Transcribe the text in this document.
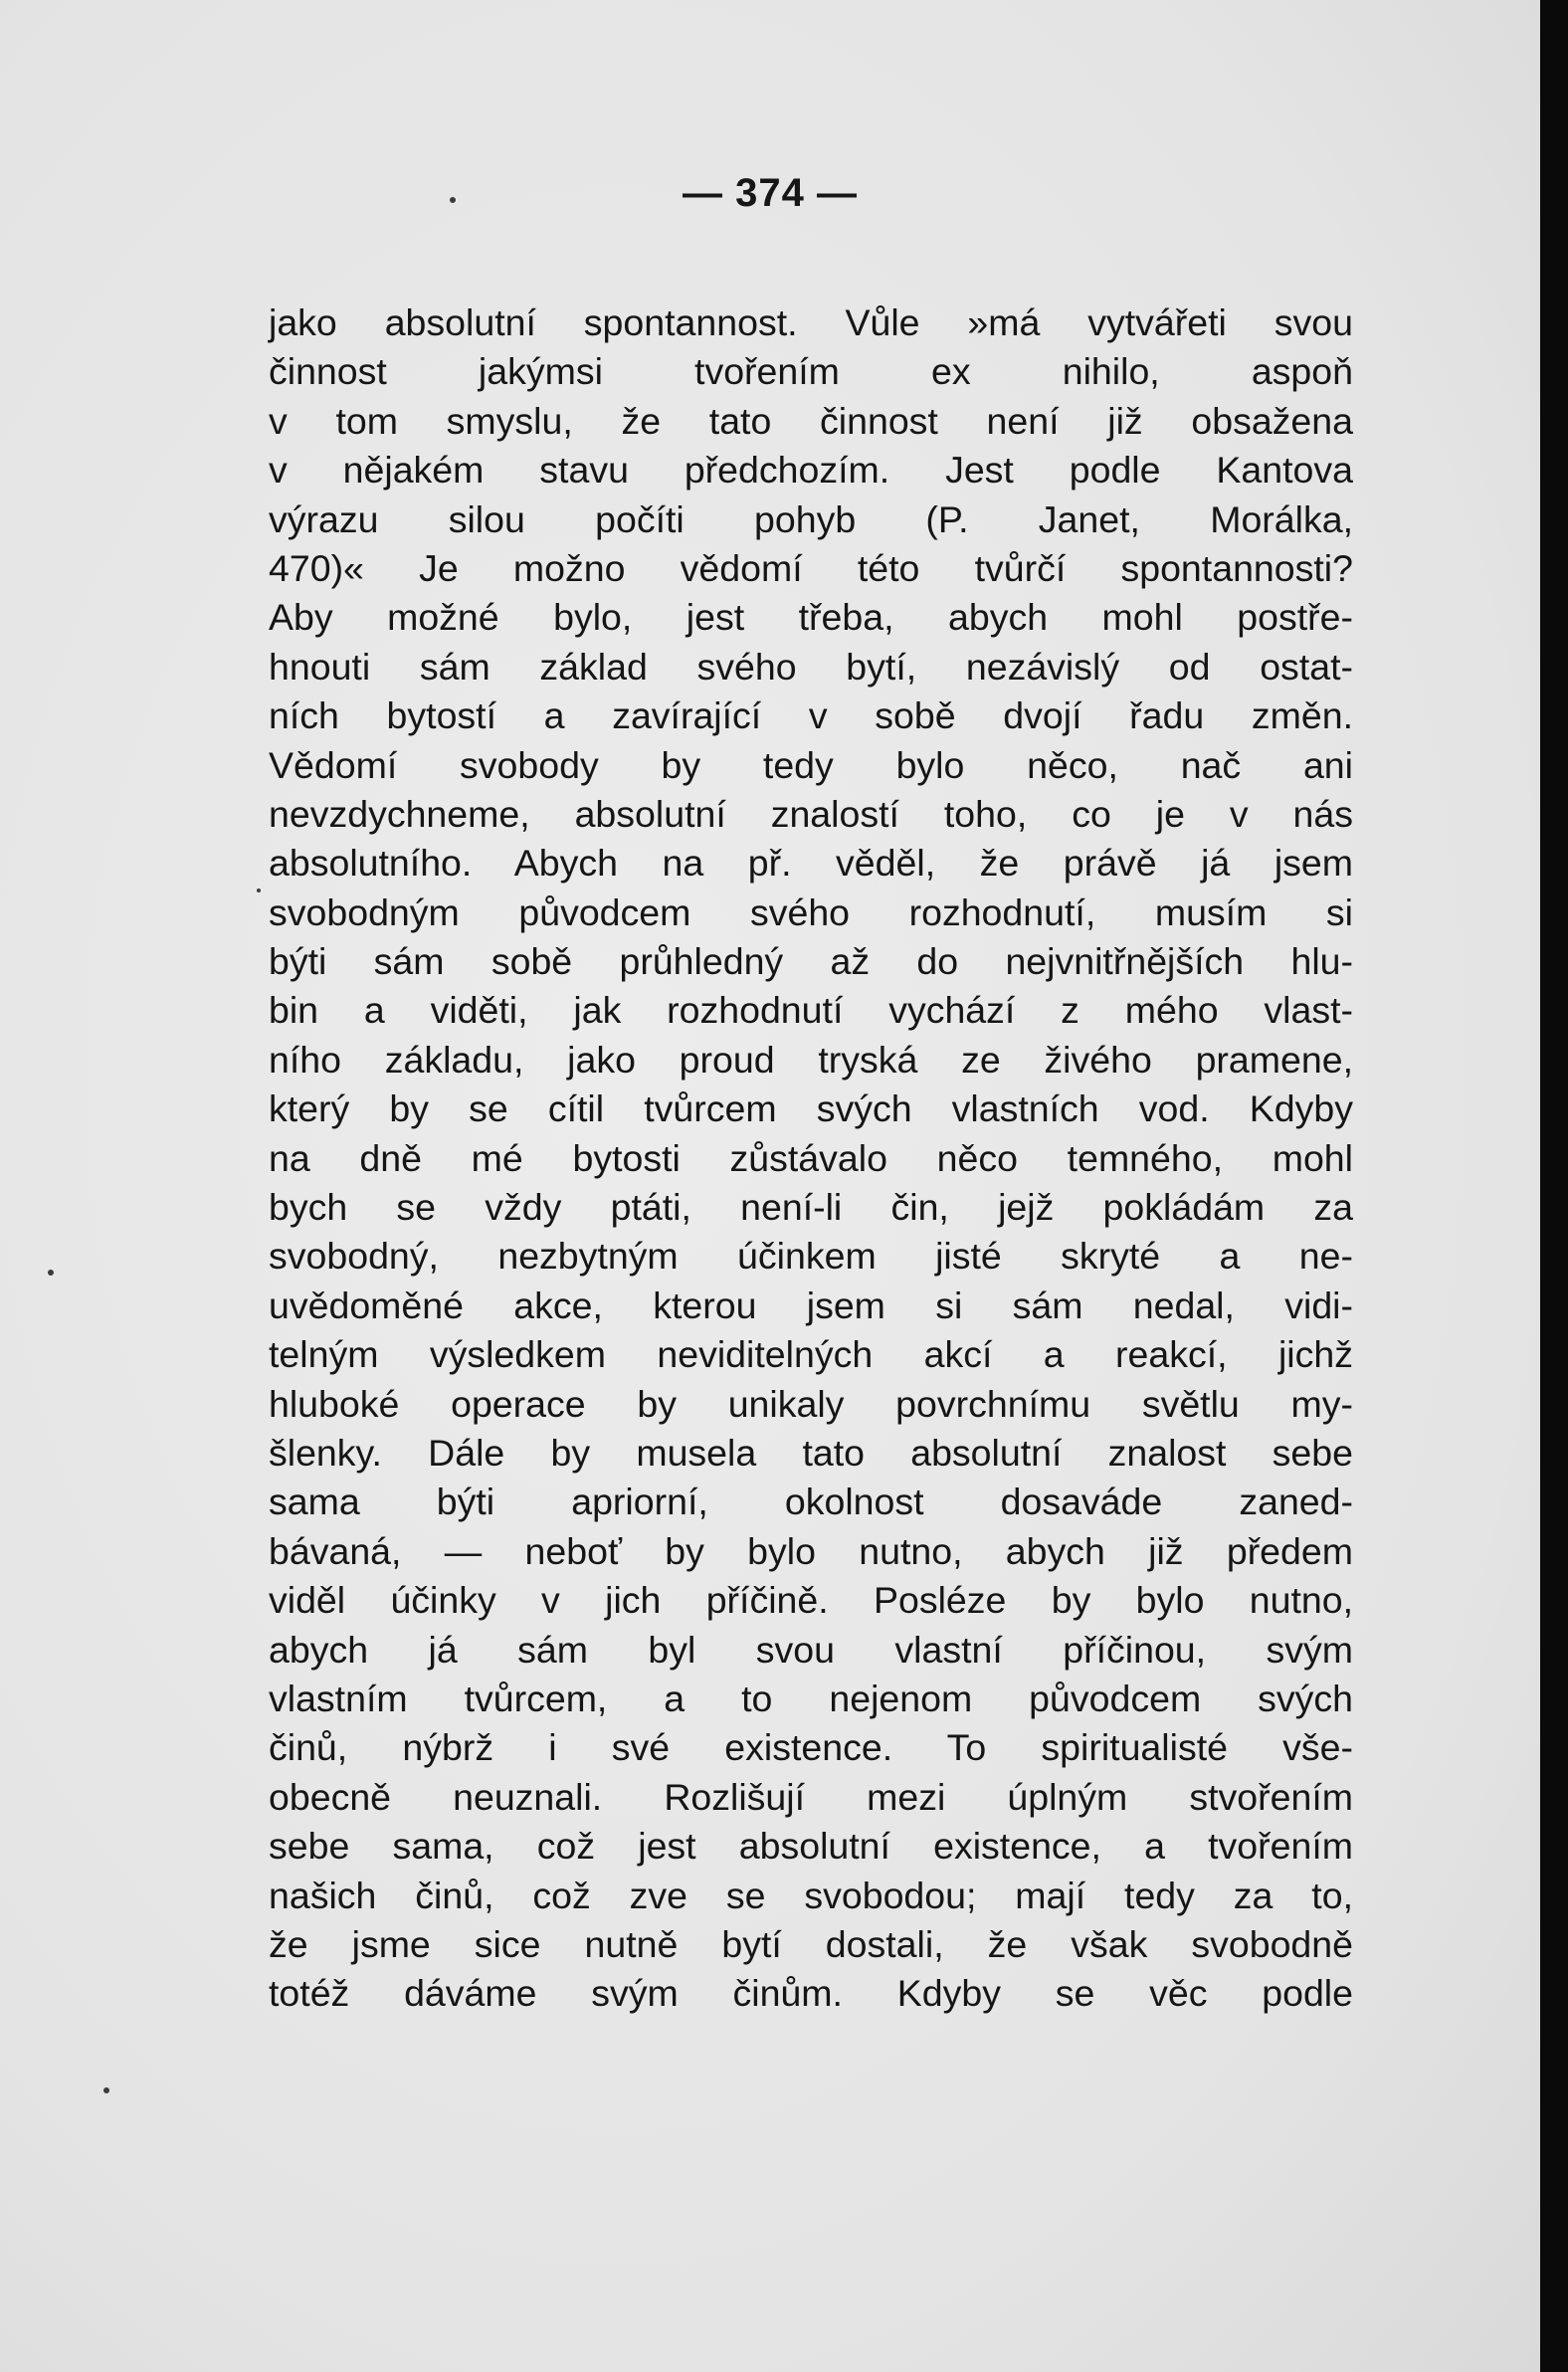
— 374 —
jako absolutní spontannost. Vůle »má vytvářeti svou
činnost jakýmsi tvořením ex nihilo, aspoň
v tom smyslu, že tato činnost není již obsažena
v nějakém stavu předchozím. Jest podle Kantova
výrazu silou počíti pohyb (P. Janet, Morálka,
470)« Je možno vědomí této tvůrčí spontannosti?
Aby možné bylo, jest třeba, abych mohl postře-
hnouti sám základ svého bytí, nezávislý od ostat-
ních bytostí a zavírající v sobě dvojí řadu změn.
Vědomí svobody by tedy bylo něco, nač ani
nevzdychneme, absolutní znalostí toho, co je v nás
absolutního. Abych na př. věděl, že právě já jsem
svobodným původcem svého rozhodnutí, musím si
býti sám sobě průhledný až do nejvnitřnějších hlu-
bin a viděti, jak rozhodnutí vychází z mého vlast-
ního základu, jako proud tryská ze živého pramene,
který by se cítil tvůrcem svých vlastních vod. Kdyby
na dně mé bytosti zůstávalo něco temného, mohl
bych se vždy ptáti, není-li čin, jejž pokládám za
svobodný, nezbytným účinkem jisté skryté a ne-
uvědoměné akce, kterou jsem si sám nedal, vidi-
telným výsledkem neviditelných akcí a reakcí, jichž
hluboké operace by unikaly povrchnímu světlu my-
šlenky. Dále by musela tato absolutní znalost sebe
sama býti apriorní, okolnost dosaváde zaned-
bávaná, — neboť by bylo nutno, abych již předem
viděl účinky v jich příčině. Posléze by bylo nutno,
abych já sám byl svou vlastní příčinou, svým
vlastním tvůrcem, a to nejenom původcem svých
činů, nýbrž i své existence. To spiritualisté vše-
obecně neuznali. Rozlišují mezi úplným stvořením
sebe sama, což jest absolutní existence, a tvořením
našich činů, což zve se svobodou; mají tedy za to,
že jsme sice nutně bytí dostali, že však svobodně
totéž dáváme svým činům. Kdyby se věc podle
